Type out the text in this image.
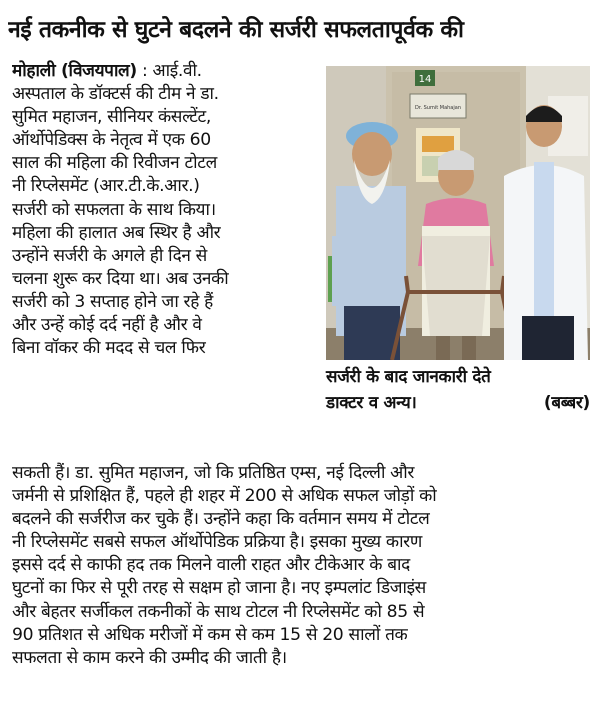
नई तकनीक से घुटने बदलने की सर्जरी सफलतापूर्वक की

मोहाली (विजयपाल) : आई.वी.

अस्पताल के डॉक्टर्स की टीम ने डा.

सुमित महाजन, सीनियर कंसल्टेंट,

ऑर्थोपेडिक्स के नेतृत्व में एक 60

साल की महिला की रिवीजन टोटल

नी रिप्लेसमेंट (आर.टी.के.आर.)

सर्जरी को सफलता के साथ किया।

महिला की हालात अब स्थिर है और

उन्होंने सर्जरी के अगले ही दिन से

चलना शुरू कर दिया था। अब उनकी

सर्जरी को 3 सप्ताह होने जा रहे हैं

और उन्हें कोई दर्द नहीं है और वे

बिना वॉकर की मदद से चल फिर

14
Dr. Sumit Mahajan

सर्जरी के बाद जानकारी देते

डाक्टर व अन्य।	(बब्बर)

सकती हैं। डा. सुमित महाजन, जो कि प्रतिष्ठित एम्स, नई दिल्ली और

जर्मनी से प्रशिक्षित हैं, पहले ही शहर में 200 से अधिक सफल जोड़ों को

बदलने की सर्जरीज कर चुके हैं। उन्होंने कहा कि वर्तमान समय में टोटल

नी रिप्लेसमेंट सबसे सफल ऑर्थोपेडिक प्रक्रिया है। इसका मुख्य कारण

इससे दर्द से काफी हद तक मिलने वाली राहत और टीकेआर के बाद

घुटनों का फिर से पूरी तरह से सक्षम हो जाना है। नए इम्पलांट डिजाइंस

और बेहतर सर्जीकल तकनीकों के साथ टोटल नी रिप्लेसमेंट को 85 से

90 प्रतिशत से अधिक मरीजों में कम से कम 15 से 20 सालों तक

सफलता से काम करने की उम्मीद की जाती है।
